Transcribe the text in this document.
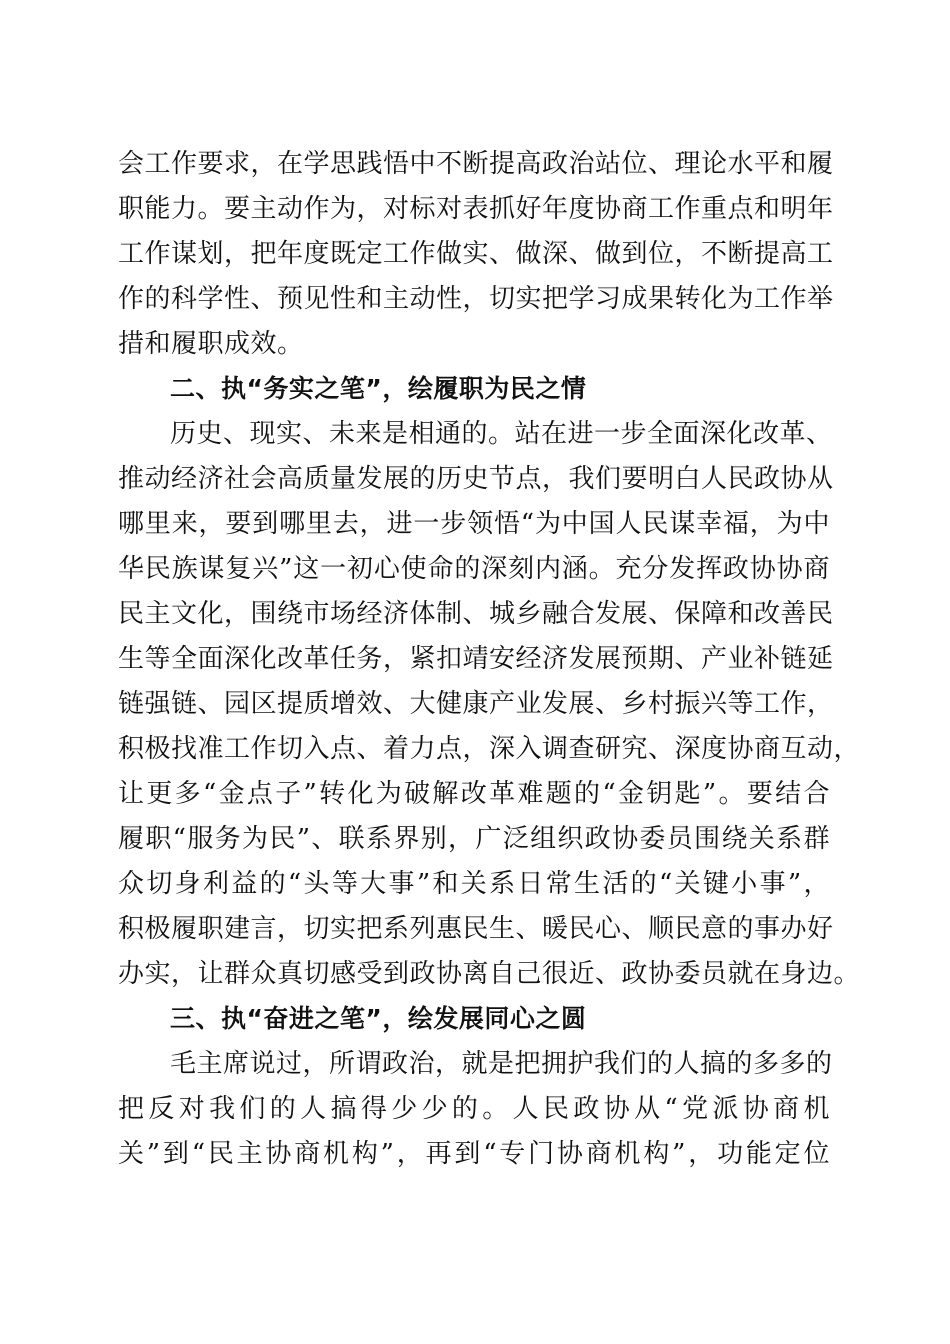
会工作要求，在学思践悟中不断提高政治站位、理论水平和履
职能力。要主动作为，对标对表抓好年度协商工作重点和明年
工作谋划，把年度既定工作做实、做深、做到位，不断提高工
作的科学性、预见性和主动性，切实把学习成果转化为工作举
措和履职成效。
二、执“务实之笔”，绘履职为民之情
历史、现实、未来是相通的。站在进一步全面深化改革、
推动经济社会高质量发展的历史节点，我们要明白人民政协从
哪里来，要到哪里去，进一步领悟“为中国人民谋幸福，为中
华民族谋复兴”这一初心使命的深刻内涵。充分发挥政协协商
民主文化，围绕市场经济体制、城乡融合发展、保障和改善民
生等全面深化改革任务，紧扣靖安经济发展预期、产业补链延
链强链、园区提质增效、大健康产业发展、乡村振兴等工作，
积极找准工作切入点、着力点，深入调查研究、深度协商互动，
让更多“金点子”转化为破解改革难题的“金钥匙”。要结合
履职“服务为民”、联系界别，广泛组织政协委员围绕关系群
众切身利益的“头等大事”和关系日常生活的“关键小事”，
积极履职建言，切实把系列惠民生、暖民心、顺民意的事办好
办实，让群众真切感受到政协离自己很近、政协委员就在身边。
三、执“奋进之笔”，绘发展同心之圆
毛主席说过，所谓政治，就是把拥护我们的人搞的多多的
把反对我们的人搞得少少的。人民政协从“党派协商机
关”到“民主协商机构”，再到“专门协商机构”，功能定位
